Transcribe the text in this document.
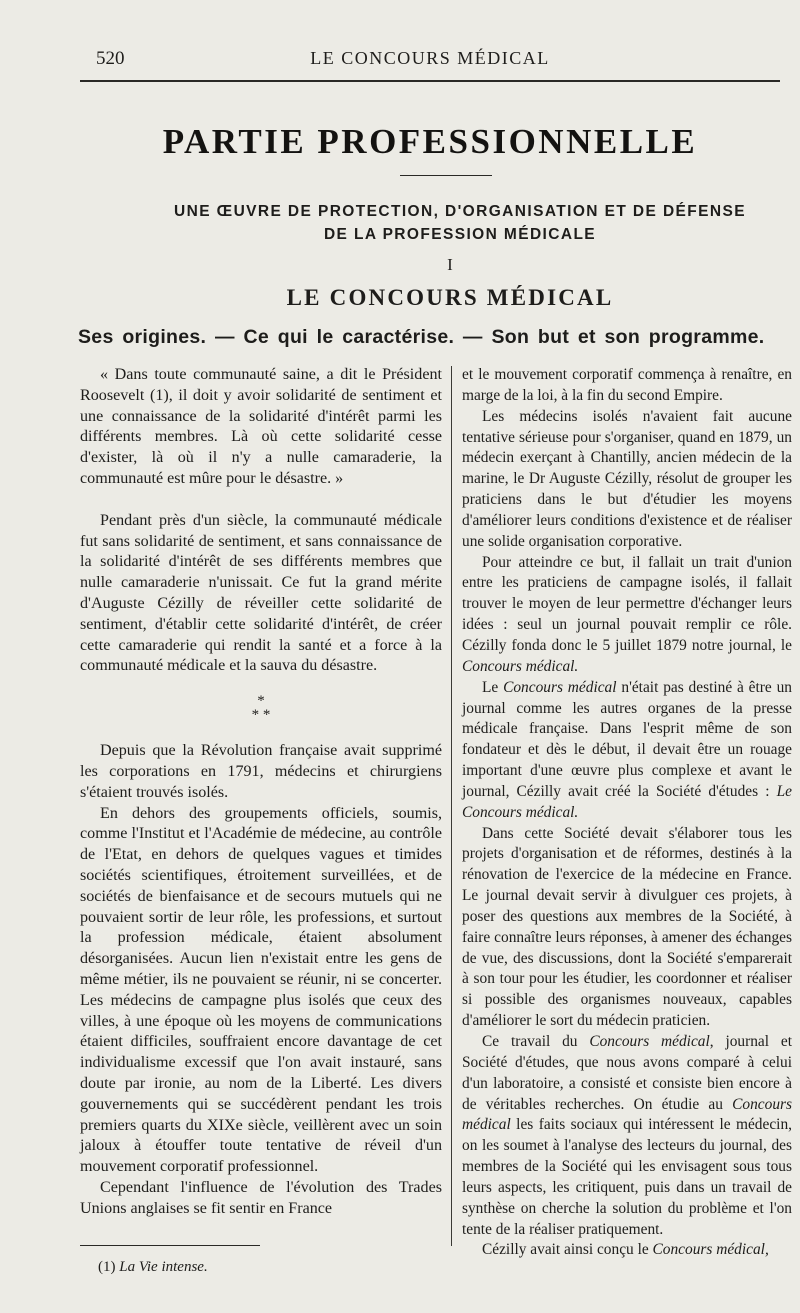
520	LE CONCOURS MÉDICAL
PARTIE PROFESSIONNELLE
UNE ŒUVRE DE PROTECTION, D'ORGANISATION ET DE DÉFENSE
DE LA PROFESSION MÉDICALE
I
LE CONCOURS MÉDICAL
Ses origines. — Ce qui le caractérise. — Son but et son programme.

« Dans toute communauté saine, a dit le Président Roosevelt (1), il doit y avoir solidarité de sentiment et une connaissance de la solidarité d'intérêt parmi les différents membres. Là où cette solidarité cesse d'exister, là où il n'y a nulle camaraderie, la communauté est mûre pour le désastre. »

Pendant près d'un siècle, la communauté médicale fut sans solidarité de sentiment, et sans connaissance de la solidarité d'intérêt de ses différents membres que nulle camaraderie n'unissait. Ce fut la grand mérite d'Auguste Cézilly de réveiller cette solidarité de sentiment, d'établir cette solidarité d'intérêt, de créer cette camaraderie qui rendit la santé et a force à la communauté médicale et la sauva du désastre.

*
* *

Depuis que la Révolution française avait supprimé les corporations en 1791, médecins et chirurgiens s'étaient trouvés isolés.

En dehors des groupements officiels, soumis, comme l'Institut et l'Académie de médecine, au contrôle de l'Etat, en dehors de quelques vagues et timides sociétés scientifiques, étroitement surveillées, et de sociétés de bienfaisance et de secours mutuels qui ne pouvaient sortir de leur rôle, les professions, et surtout la profession médicale, étaient absolument désorganisées. Aucun lien n'existait entre les gens de même métier, ils ne pouvaient se réunir, ni se concerter. Les médecins de campagne plus isolés que ceux des villes, à une époque où les moyens de communications étaient difficiles, souffraient encore davantage de cet individualisme excessif que l'on avait instauré, sans doute par ironie, au nom de la Liberté. Les divers gouvernements qui se succédèrent pendant les trois premiers quarts du XIXe siècle, veillèrent avec un soin jaloux à étouffer toute tentative de réveil d'un mouvement corporatif professionnel.

Cependant l'influence de l'évolution des Trades Unions anglaises se fit sentir en France

et le mouvement corporatif commença à renaître, en marge de la loi, à la fin du second Empire.

Les médecins isolés n'avaient fait aucune tentative sérieuse pour s'organiser, quand en 1879, un médecin exerçant à Chantilly, ancien médecin de la marine, le Dr Auguste Cézilly, résolut de grouper les praticiens dans le but d'étudier les moyens d'améliorer leurs conditions d'existence et de réaliser une solide organisation corporative.

Pour atteindre ce but, il fallait un trait d'union entre les praticiens de campagne isolés, il fallait trouver le moyen de leur permettre d'échanger leurs idées : seul un journal pouvait remplir ce rôle. Cézilly fonda donc le 5 juillet 1879 notre journal, le Concours médical.

Le Concours médical n'était pas destiné à être un journal comme les autres organes de la presse médicale française. Dans l'esprit même de son fondateur et dès le début, il devait être un rouage important d'une œuvre plus complexe et avant le journal, Cézilly avait créé la Société d'études : Le Concours médical.

Dans cette Société devait s'élaborer tous les projets d'organisation et de réformes, destinés à la rénovation de l'exercice de la médecine en France. Le journal devait servir à divulguer ces projets, à poser des questions aux membres de la Société, à faire connaître leurs réponses, à amener des échanges de vue, des discussions, dont la Société s'emparerait à son tour pour les étudier, les coordonner et réaliser si possible des organismes nouveaux, capables d'améliorer le sort du médecin praticien.

Ce travail du Concours médical, journal et Société d'études, que nous avons comparé à celui d'un laboratoire, a consisté et consiste bien encore à de véritables recherches. On étudie au Concours médical les faits sociaux qui intéressent le médecin, on les soumet à l'analyse des lecteurs du journal, des membres de la Société qui les envisagent sous tous leurs aspects, les critiquent, puis dans un travail de synthèse on cherche la solution du problème et l'on tente de la réaliser pratiquement.

Cézilly avait ainsi conçu le Concours médical,

(1) La Vie intense.
